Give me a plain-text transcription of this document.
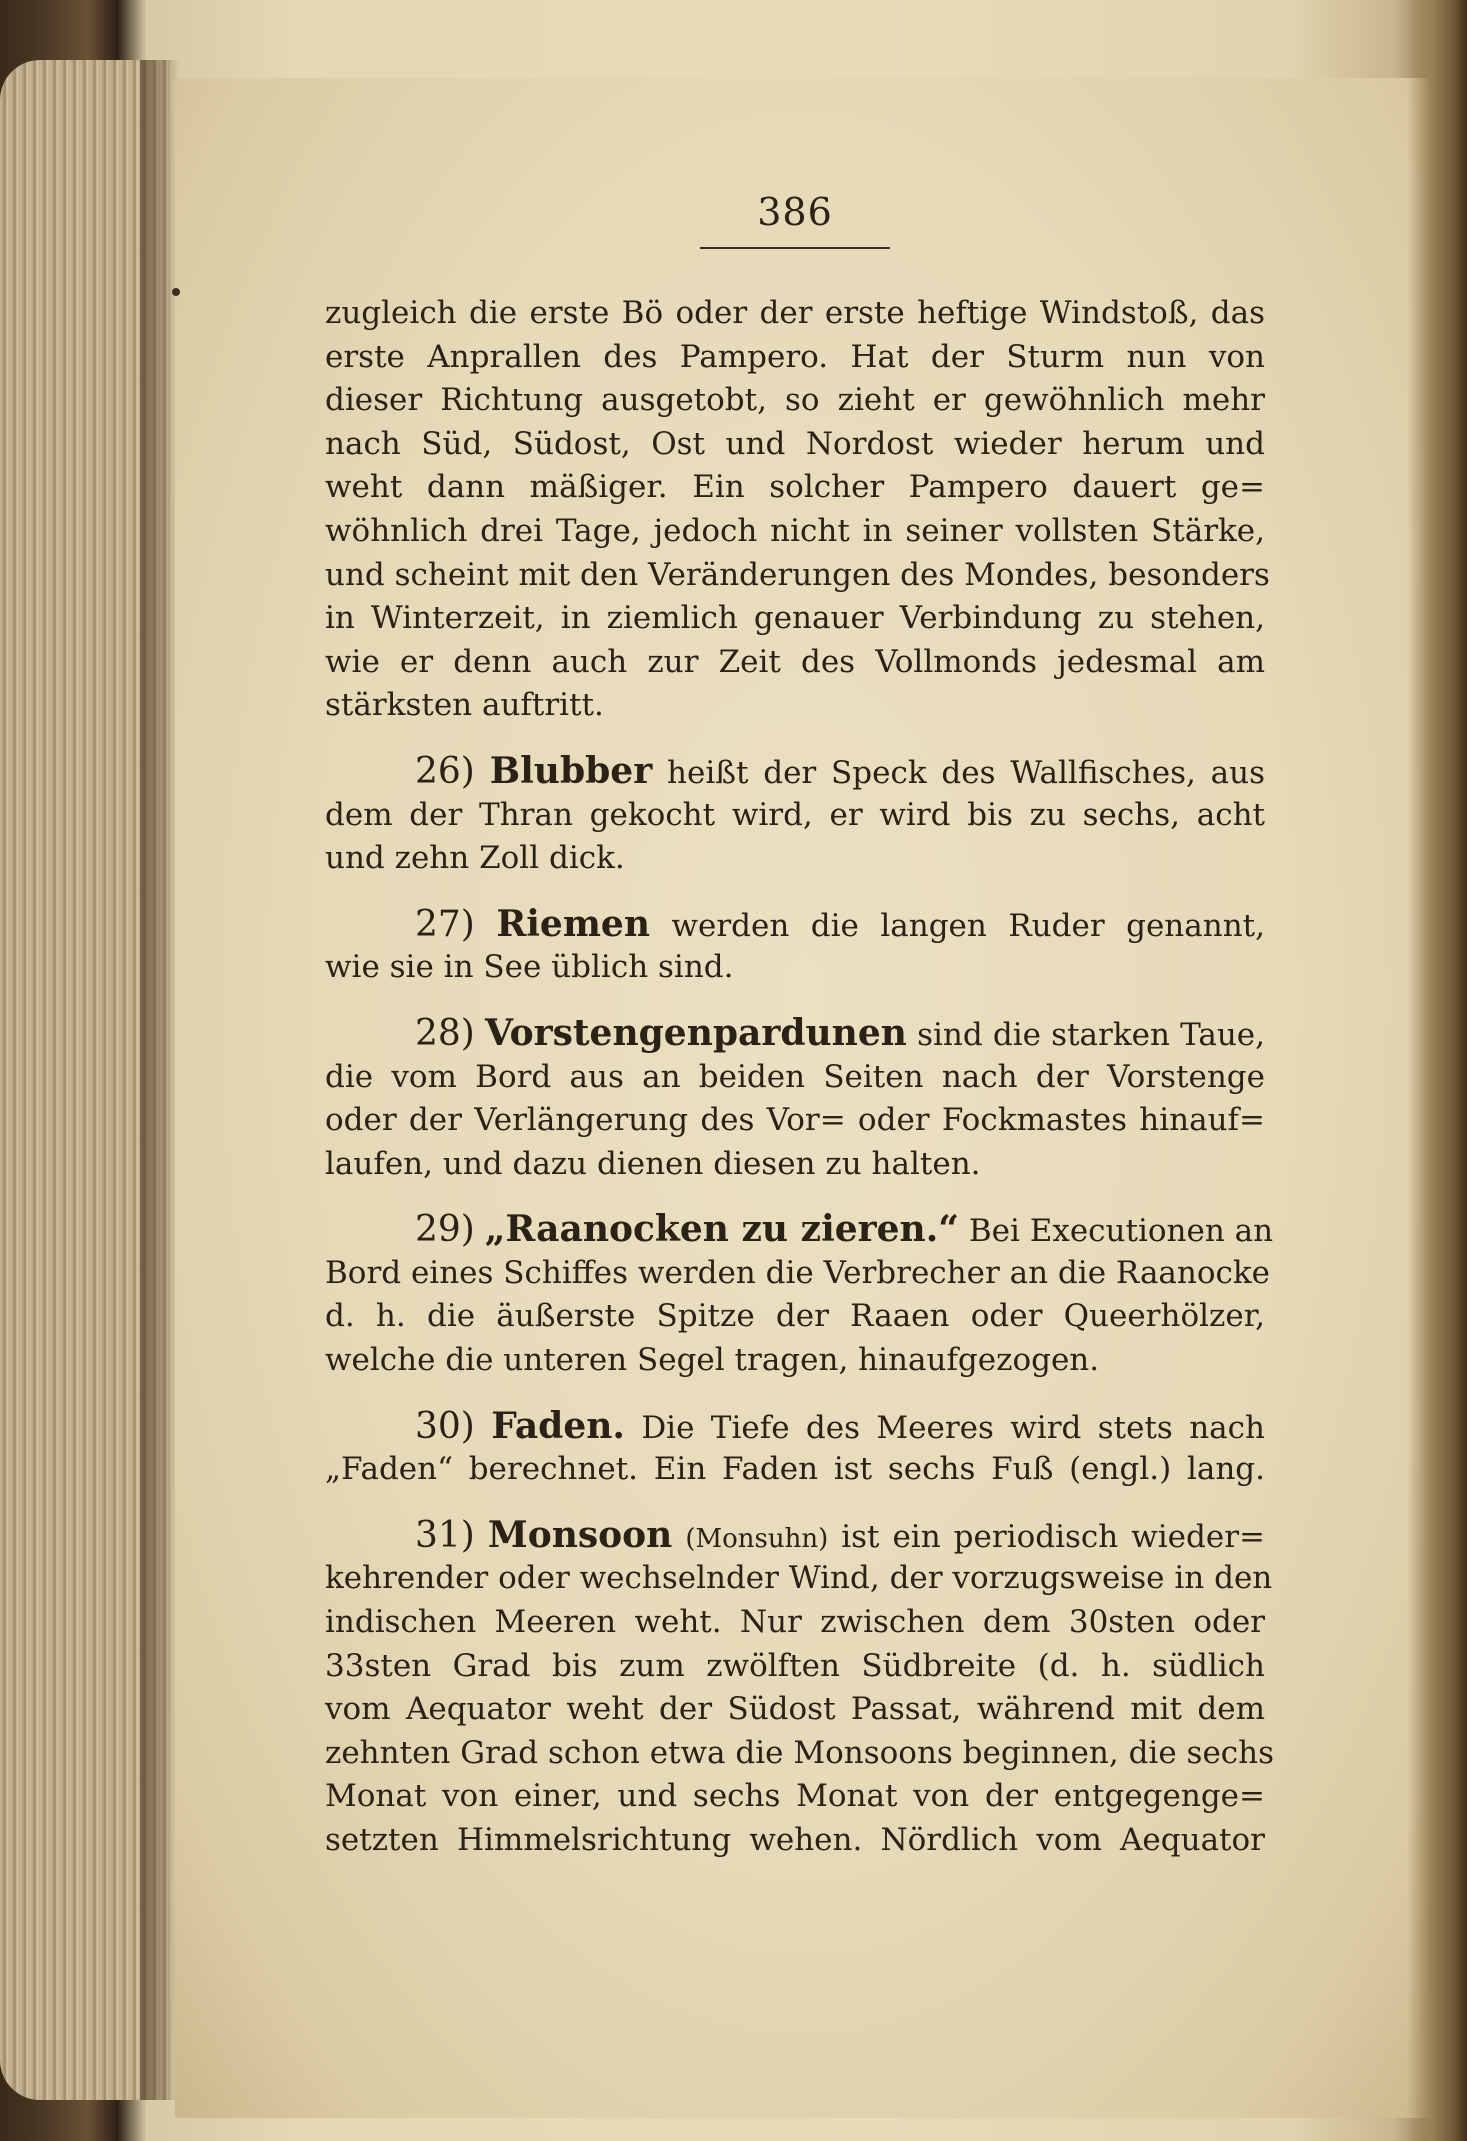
386
zugleich die erste Bö oder der erste heftige Windstoß, das
erste Anprallen des Pampero. Hat der Sturm nun von
dieser Richtung ausgetobt, so zieht er gewöhnlich mehr
nach Süd, Südost, Ost und Nordost wieder herum und
weht dann mäßiger. Ein solcher Pampero dauert ge=
wöhnlich drei Tage, jedoch nicht in seiner vollsten Stärke,
und scheint mit den Veränderungen des Mondes, besonders
in Winterzeit, in ziemlich genauer Verbindung zu stehen,
wie er denn auch zur Zeit des Vollmonds jedesmal am
stärksten auftritt.
26) Blubber heißt der Speck des Wallfisches, aus
dem der Thran gekocht wird, er wird bis zu sechs, acht
und zehn Zoll dick.
27) Riemen werden die langen Ruder genannt,
wie sie in See üblich sind.
28) Vorstengenpardunen sind die starken Taue,
die vom Bord aus an beiden Seiten nach der Vorstenge
oder der Verlängerung des Vor= oder Fockmastes hinauf=
laufen, und dazu dienen diesen zu halten.
29) „Raanocken zu zieren.“ Bei Executionen an
Bord eines Schiffes werden die Verbrecher an die Raanocke
d. h. die äußerste Spitze der Raaen oder Queerhölzer,
welche die unteren Segel tragen, hinaufgezogen.
30) Faden. Die Tiefe des Meeres wird stets nach
„Faden“ berechnet. Ein Faden ist sechs Fuß (engl.) lang.
31) Monsoon (Monsuhn) ist ein periodisch wieder=
kehrender oder wechselnder Wind, der vorzugsweise in den
indischen Meeren weht. Nur zwischen dem 30sten oder
33sten Grad bis zum zwölften Südbreite (d. h. südlich
vom Aequator weht der Südost Passat, während mit dem
zehnten Grad schon etwa die Monsoons beginnen, die sechs
Monat von einer, und sechs Monat von der entgegenge=
setzten Himmelsrichtung wehen. Nördlich vom Aequator
